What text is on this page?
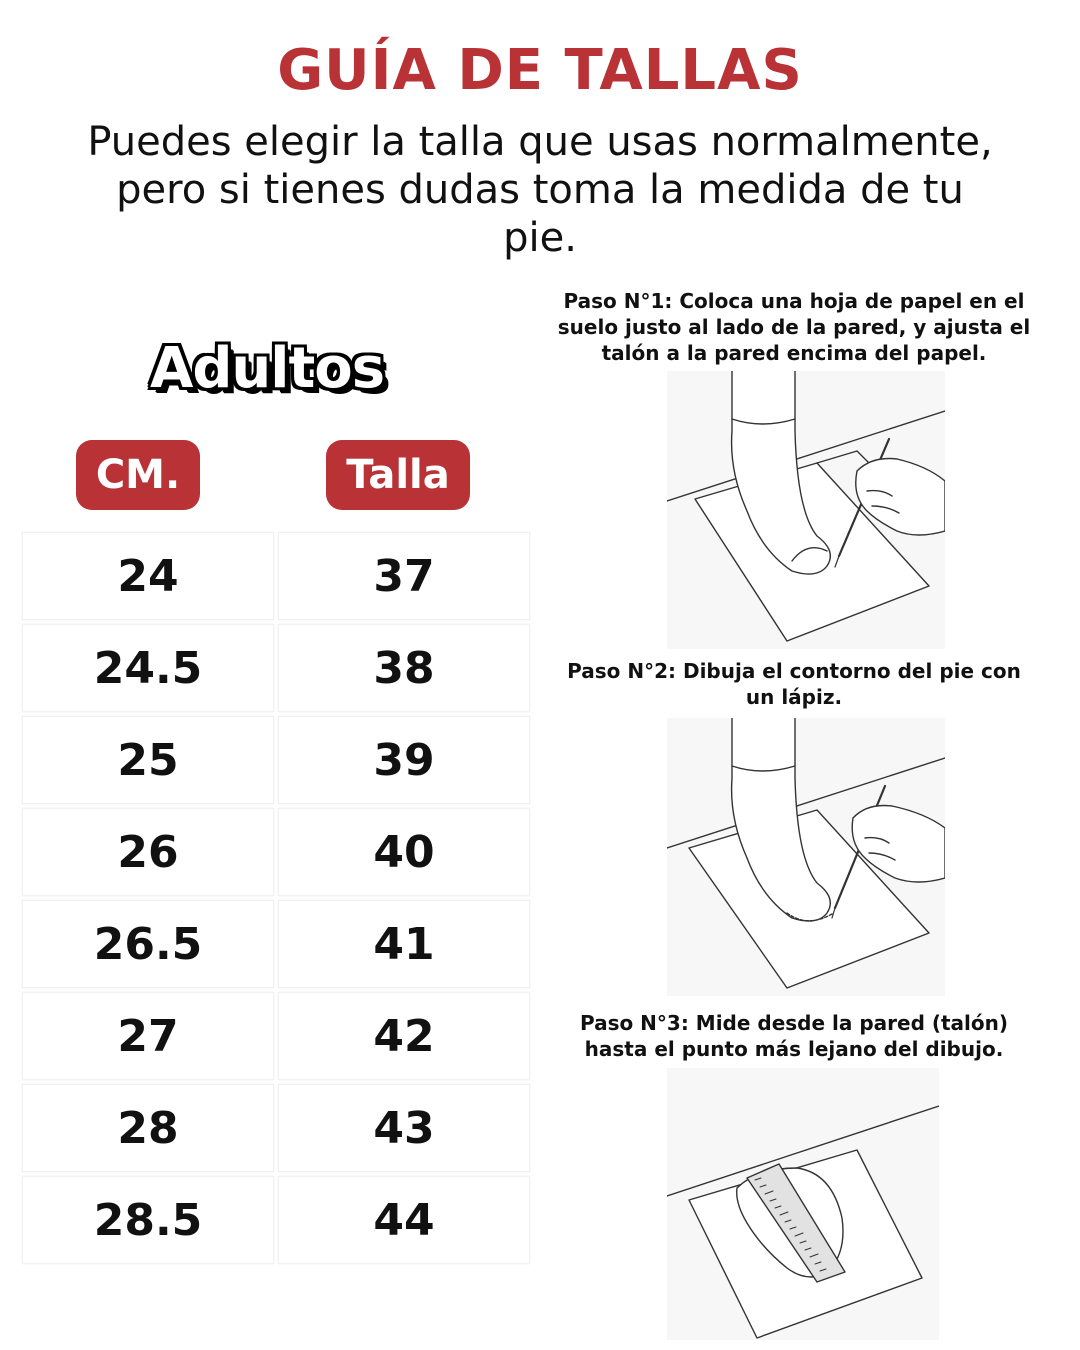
GUÍA DE TALLAS
Puedes elegir la talla que usas normalmente, pero si tienes dudas toma la medida de tu pie.
Adultos
CM.	Talla
24	37
24.5	38
25	39
26	40
26.5	41
27	42
28	43
28.5	44
Paso N°1: Coloca una hoja de papel en el suelo justo al lado de la pared, y ajusta el talón a la pared encima del papel.
Paso N°2: Dibuja el contorno del pie con un lápiz.
Paso N°3: Mide desde la pared (talón) hasta el punto más lejano del dibujo.
